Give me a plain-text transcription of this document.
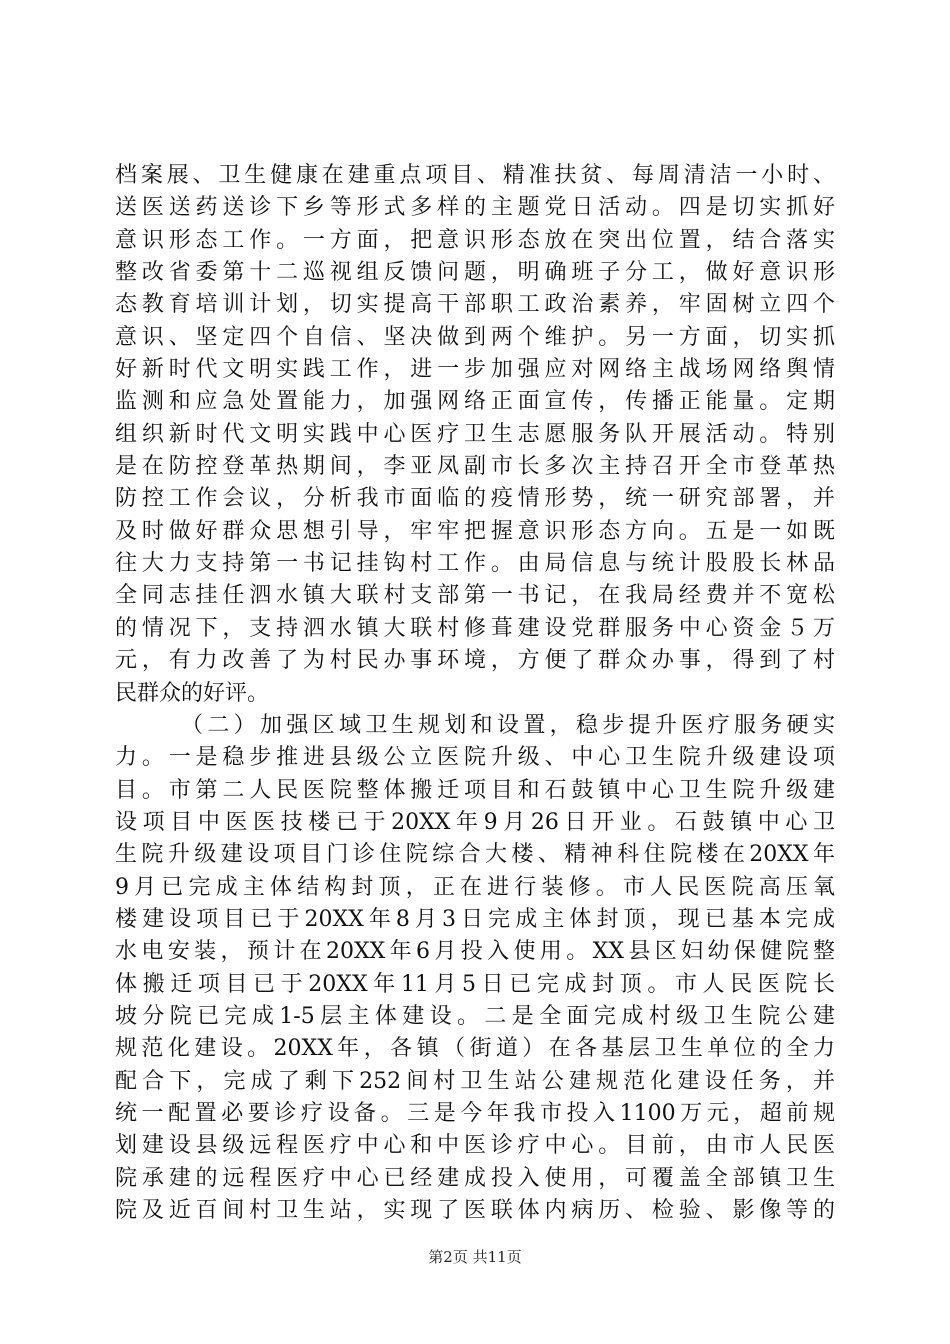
档案展、卫生健康在建重点项目、精准扶贫、每周清洁一小时、
送医送药送诊下乡等形式多样的主题党日活动。四是切实抓好
意识形态工作。一方面，把意识形态放在突出位置，结合落实
整改省委第十二巡视组反馈问题，明确班子分工，做好意识形
态教育培训计划，切实提高干部职工政治素养，牢固树立四个
意识、坚定四个自信、坚决做到两个维护。另一方面，切实抓
好新时代文明实践工作，进一步加强应对网络主战场网络舆情
监测和应急处置能力，加强网络正面宣传，传播正能量。定期
组织新时代文明实践中心医疗卫生志愿服务队开展活动。特别
是在防控登革热期间，李亚凤副市长多次主持召开全市登革热
防控工作会议，分析我市面临的疫情形势，统一研究部署，并
及时做好群众思想引导，牢牢把握意识形态方向。五是一如既
往大力支持第一书记挂钩村工作。由局信息与统计股股长林品
全同志挂任泗水镇大联村支部第一书记，在我局经费并不宽松
的情况下，支持泗水镇大联村修葺建设党群服务中心资金５万
元，有力改善了为村民办事环境，方便了群众办事，得到了村
民群众的好评。
（二）加强区域卫生规划和设置，稳步提升医疗服务硬实
力。一是稳步推进县级公立医院升级、中心卫生院升级建设项
目。市第二人民医院整体搬迁项目和石鼓镇中心卫生院升级建
设项目中医医技楼已于20XX年9月26日开业。石鼓镇中心卫
生院升级建设项目门诊住院综合大楼、精神科住院楼在20XX年
9月已完成主体结构封顶，正在进行装修。市人民医院高压氧
楼建设项目已于20XX年8月3日完成主体封顶，现已基本完成
水电安装，预计在20XX年6月投入使用。XX县区妇幼保健院整
体搬迁项目已于20XX年11月5日已完成封顶。市人民医院长
坡分院已完成1-5层主体建设。二是全面完成村级卫生院公建
规范化建设。20XX年，各镇（街道）在各基层卫生单位的全力
配合下，完成了剩下252间村卫生站公建规范化建设任务，并
统一配置必要诊疗设备。三是今年我市投入1100万元，超前规
划建设县级远程医疗中心和中医诊疗中心。目前，由市人民医
院承建的远程医疗中心已经建成投入使用，可覆盖全部镇卫生
院及近百间村卫生站，实现了医联体内病历、检验、影像等的
第2页 共11页
